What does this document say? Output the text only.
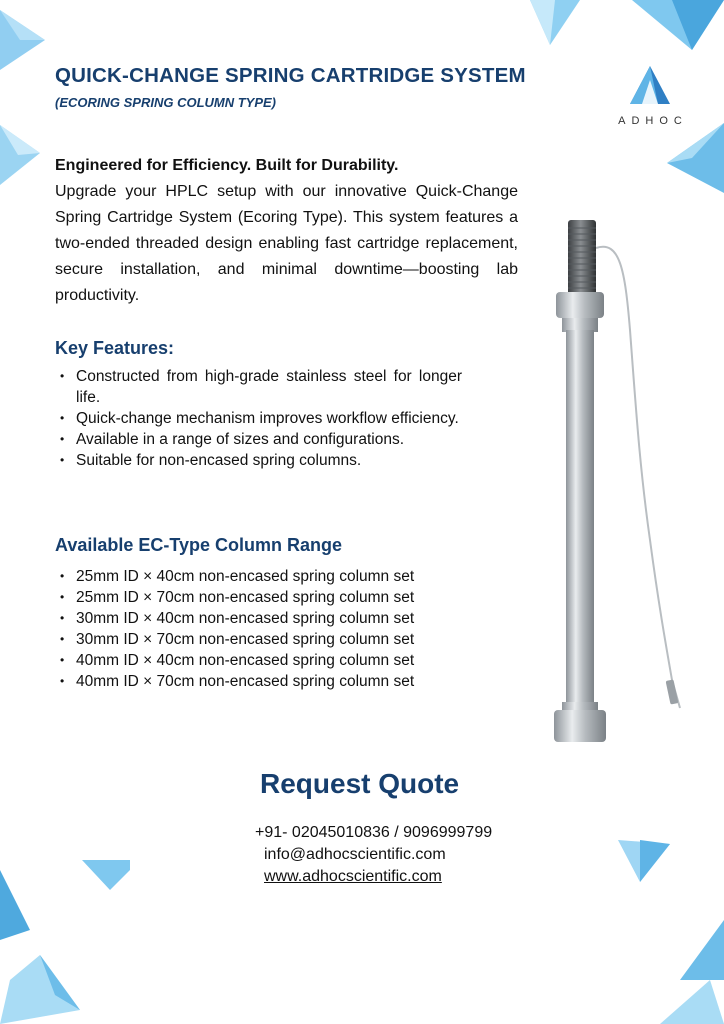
QUICK-CHANGE SPRING CARTRIDGE SYSTEM
(ECORING SPRING COLUMN TYPE)
ADHOC
Engineered for Efficiency. Built for Durability.
Upgrade your HPLC setup with our innovative Quick-Change Spring Cartridge System (Ecoring Type). This system features a two-ended threaded design enabling fast cartridge replacement, secure installation, and minimal downtime—boosting lab productivity.
Key Features:
• Constructed from high-grade stainless steel for longer life.
• Quick-change mechanism improves workflow efficiency.
• Available in a range of sizes and configurations.
• Suitable for non-encased spring columns.
Available EC-Type Column Range
• 25mm ID × 40cm non-encased spring column set
• 25mm ID × 70cm non-encased spring column set
• 30mm ID × 40cm non-encased spring column set
• 30mm ID × 70cm non-encased spring column set
• 40mm ID × 40cm non-encased spring column set
• 40mm ID × 70cm non-encased spring column set
Request Quote
+91- 02045010836 / 9096999799
info@adhocscientific.com
www.adhocscientific.com
